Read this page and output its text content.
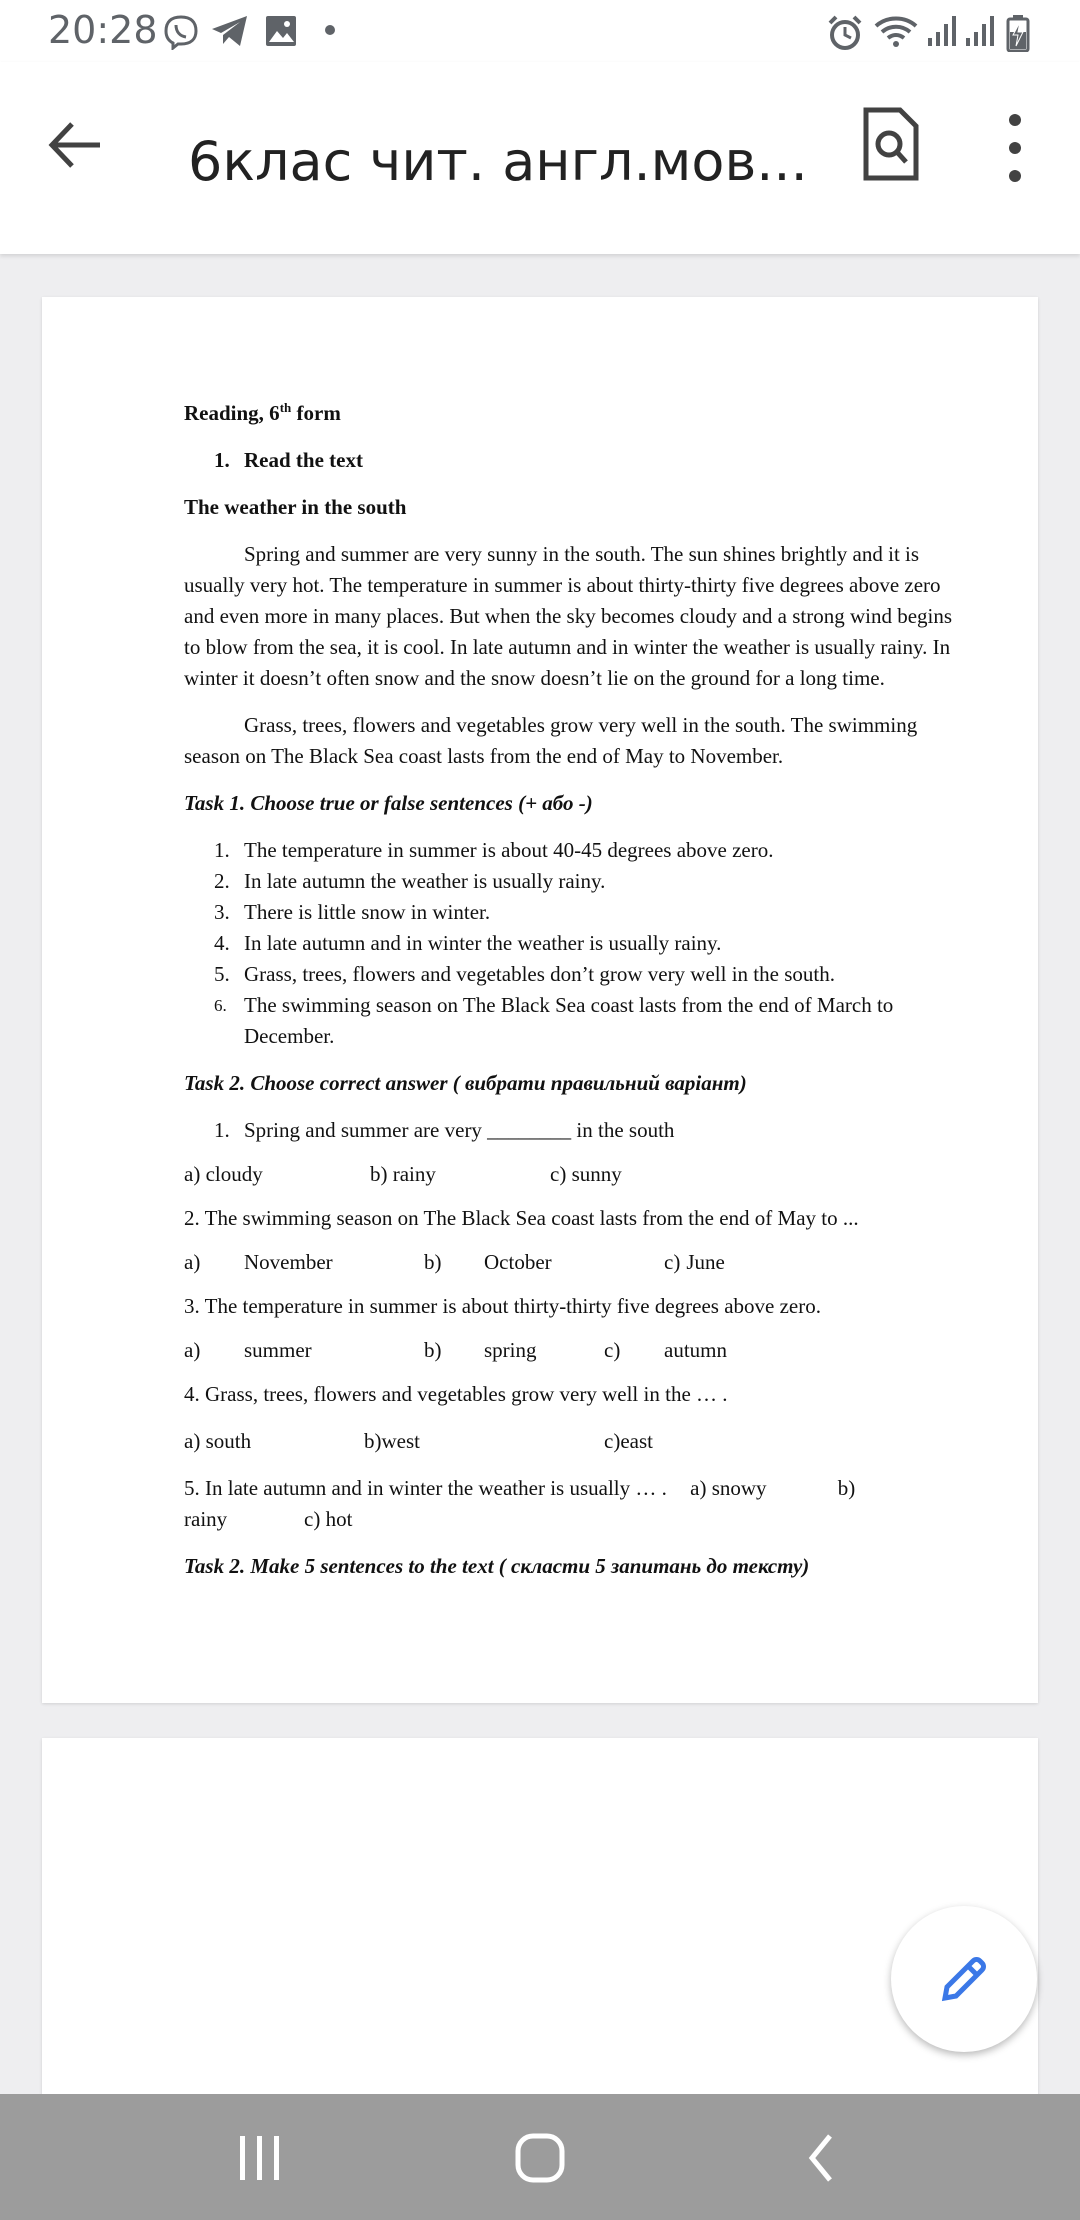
20:28
6клас чит. англ.мов...

Reading, 6th form

1. Read the text

The weather in the south

Spring and summer are very sunny in the south. The sun shines brightly and it is usually very hot. The temperature in summer is about thirty-thirty five degrees above zero and even more in many places. But when the sky becomes cloudy and a strong wind begins to blow from the sea, it is cool. In late autumn and in winter the weather is usually rainy. In winter it doesn’t often snow and the snow doesn’t lie on the ground for a long time.

Grass, trees, flowers and vegetables grow very well in the south. The swimming season on The Black Sea coast lasts from the end of May to November.

Task 1. Choose true or false sentences (+ або -)

1. The temperature in summer is about 40-45 degrees above zero.
2. In late autumn the weather is usually rainy.
3. There is little snow in winter.
4. In late autumn and in winter the weather is usually rainy.
5. Grass, trees, flowers and vegetables don’t grow very well in the south.
6. The swimming season on The Black Sea coast lasts from the end of March to December.

Task 2. Choose correct answer ( вибрати правильний варіант)

1. Spring and summer are very ________ in the south

a) cloudy	b) rainy	c) sunny

2. The swimming season on The Black Sea coast lasts from the end of May to ...

a)	November	b)	October	c) June

3. The temperature in summer is about thirty-thirty five degrees above zero.

a)	summer	b)	spring	c)	autumn

4. Grass, trees, flowers and vegetables grow very well in the … .

a) south	b)west	c)east

5. In late autumn and in winter the weather is usually … . a) snowy	b)

rainy	c) hot

Task 2. Make 5 sentences to the text ( скласти 5 запитань до тексту)
